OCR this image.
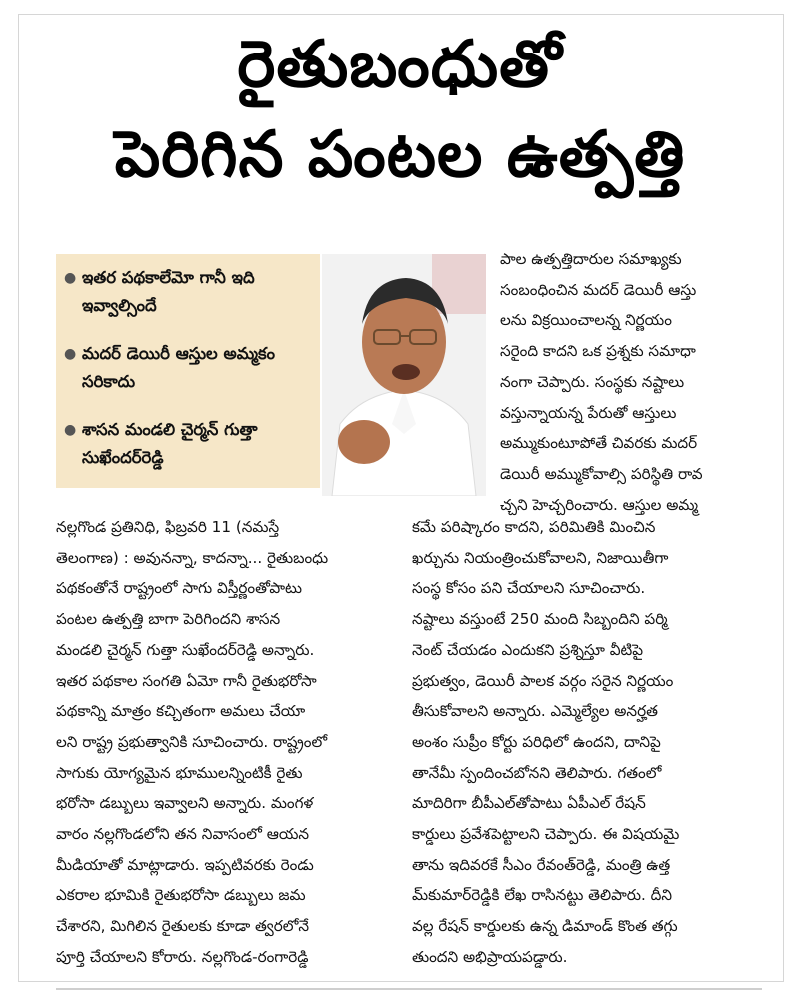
రైతుబంధుతో
పెరిగిన పంటల ఉత్పత్తి
● ఇతర పథకాలేమో గానీ ఇది ఇవ్వాల్సిందే
● మదర్ డెయిరీ ఆస్తుల అమ్మకం సరికాదు
● శాసన మండలి చైర్మన్ గుత్తా సుఖేందర్‌రెడ్డి
పాల ఉత్పత్తిదారుల సమాఖ్యకు
సంబంధించిన మదర్ డెయిరీ ఆస్తు
లను విక్రయించాలన్న నిర్ణయం
సరైంది కాదని ఒక ప్రశ్నకు సమాధా
నంగా చెప్పారు. సంస్థకు నష్టాలు
వస్తున్నాయన్న పేరుతో ఆస్తులు
అమ్ముకుంటూపోతే చివరకు మదర్
డెయిరీ అమ్ముకోవాల్సి పరిస్థితి రావ
చ్చని హెచ్చరించారు. ఆస్తుల అమ్మ
నల్లగొండ ప్రతినిధి, ఫిబ్రవరి 11 (నమస్తే
తెలంగాణ) : అవునన్నా, కాదన్నా... రైతుబంధు
పథకంతోనే రాష్ట్రంలో సాగు విస్తీర్ణంతోపాటు
పంటల ఉత్పత్తి బాగా పెరిగిందని శాసన
మండలి చైర్మన్ గుత్తా సుఖేందర్‌రెడ్డి అన్నారు.
ఇతర పథకాల సంగతి ఏమో గానీ రైతుభరోసా
పథకాన్ని మాత్రం కచ్చితంగా అమలు చేయా
లని రాష్ట్ర ప్రభుత్వానికి సూచించారు. రాష్ట్రంలో
సాగుకు యోగ్యమైన భూములన్నింటికీ రైతు
భరోసా డబ్బులు ఇవ్వాలని అన్నారు. మంగళ
వారం నల్లగొండలోని తన నివాసంలో ఆయన
మీడియాతో మాట్లాడారు. ఇప్పటివరకు రెండు
ఎకరాల భూమికి రైతుభరోసా డబ్బులు జమ
చేశారని, మిగిలిన రైతులకు కూడా త్వరలోనే
పూర్తి చేయాలని కోరారు. నల్లగొండ-రంగారెడ్డి
కమే పరిష్కారం కాదని, పరిమితికి మించిన
ఖర్చును నియంత్రించుకోవాలని, నిజాయితీగా
సంస్థ కోసం పని చేయాలని సూచించారు.
నష్టాలు వస్తుంటే 250 మంది సిబ్బందిని పర్మి
నెంట్ చేయడం ఎందుకని ప్రశ్నిస్తూ వీటిపై
ప్రభుత్వం, డెయిరీ పాలక వర్గం సరైన నిర్ణయం
తీసుకోవాలని అన్నారు. ఎమ్మెల్యేల అనర్హత
అంశం సుప్రీం కోర్టు పరిధిలో ఉందని, దానిపై
తానేమీ స్పందించబోనని తెలిపారు. గతంలో
మాదిరిగా బీపీఎల్‌తోపాటు ఏపీఎల్ రేషన్
కార్డులు ప్రవేశపెట్టాలని చెప్పారు. ఈ విషయమై
తాను ఇదివరకే సీఎం రేవంత్‌రెడ్డి, మంత్రి ఉత్త
మ్‌కుమార్‌రెడ్డికి లేఖ రాసినట్టు తెలిపారు. దీని
వల్ల రేషన్ కార్డులకు ఉన్న డిమాండ్ కొంత తగ్గు
తుందని అభిప్రాయపడ్డారు.
